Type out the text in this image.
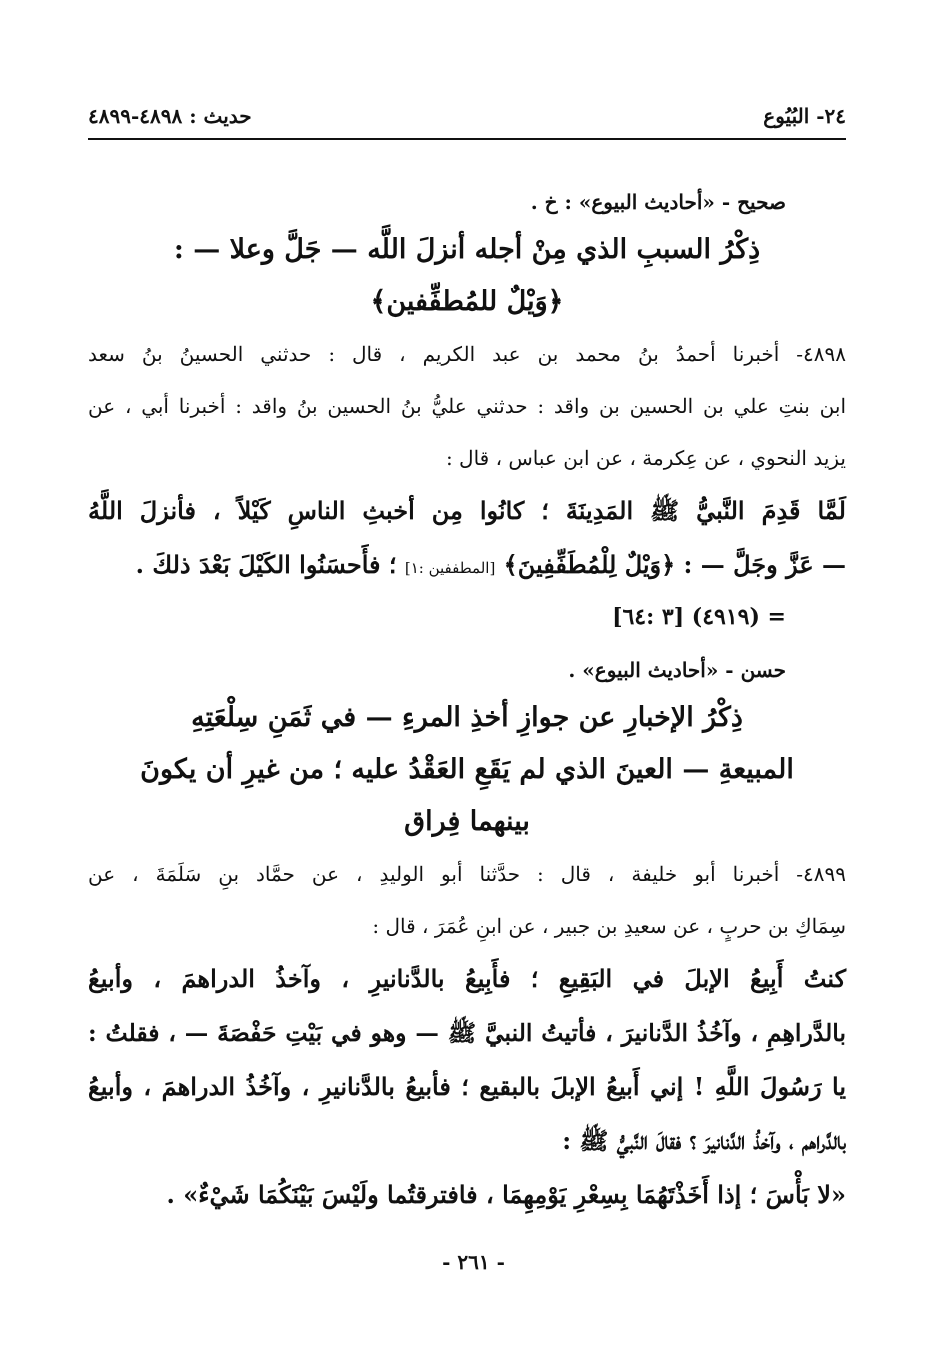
٢٤- البُيُوع
حديث : ٤٨٩٨-٤٨٩٩
صحيح - «أحاديث البيوع» : خ .
ذِكْرُ السببِ الذي مِنْ أجله أنزلَ اللَّه — جَلَّ وعلا — :
﴿وَيْلٌ للمُطفِّفين﴾
٤٨٩٨- أخبرنا أحمدُ بنُ محمد بن عبد الكريم ، قال : حدثني الحسينُ بنُ سعد
ابن بنتِ علي بن الحسين بن واقد : حدثني عليُّ بنُ الحسين بنُ واقد : أخبرنا أبي ، عن
يزيد النحوي ، عن عِكرمة ، عن ابن عباس ، قال :
لَمَّا قَدِمَ النَّبيُّ ﷺ المَدِينَةَ ؛ كانُوا مِن أخبثِ الناسِ كَيْلاً ، فأنزلَ اللَّهُ
— عَزَّ وجَلَّ — : ﴿وَيْلٌ لِلْمُطَفِّفِينَ﴾ [المطففين :١] ؛ فأَحسَنُوا الكَيْلَ بَعْدَ ذلكَ .
= (٤٩١٩) [٣ :٦٤]
حسن - «أحاديث البيوع» .
ذِكْرُ الإخبارِ عن جوازِ أخذِ المرءِ — في ثَمَنِ سِلْعَتِهِ
المبيعةِ — العينَ الذي لم يَقَعِ العَقْدُ عليه ؛ من غيرِ أن يكونَ
بينهما فِراق
٤٨٩٩- أخبرنا أبو خليفة ، قال : حدَّثنا أبو الوليدِ ، عن حمَّاد بنِ سَلَمَةَ ، عن
سِمَاكِ بن حربٍ ، عن سعيدِ بن جبير ، عن ابنِ عُمَرَ ، قال :
كنتُ أَبِيعُ الإبلَ في البَقِيعِ ؛ فأَبِيعُ بالدَّنانيرِ ، وآخذُ الدراهمَ ، وأبيعُ
بالدَّراهِمِ ، وآخُذُ الدَّنانيرَ ، فأتيتُ النبيَّ ﷺ — وهو في بَيْتِ حَفْصَةَ — ، فقلتُ :
يا رَسُولَ اللَّهِ ! إني أَبيعُ الإبلَ بالبقيع ؛ فأبيعُ بالدَّنانيرِ ، وآخُذُ الدراهمَ ، وأبيعُ
بالدَّراهم ، وآخذُ الدَّنانيرَ ؟ فقالَ النَّبيُّ ﷺ :
«لا بَأْسَ ؛ إذا أَخَذْتَهُمَا بِسِعْرِ يَوْمِهِمَا ، فافترقتُما ولَيْسَ بَيْنَكُمَا شَيْءٌ» .
- ٢٦١ -
